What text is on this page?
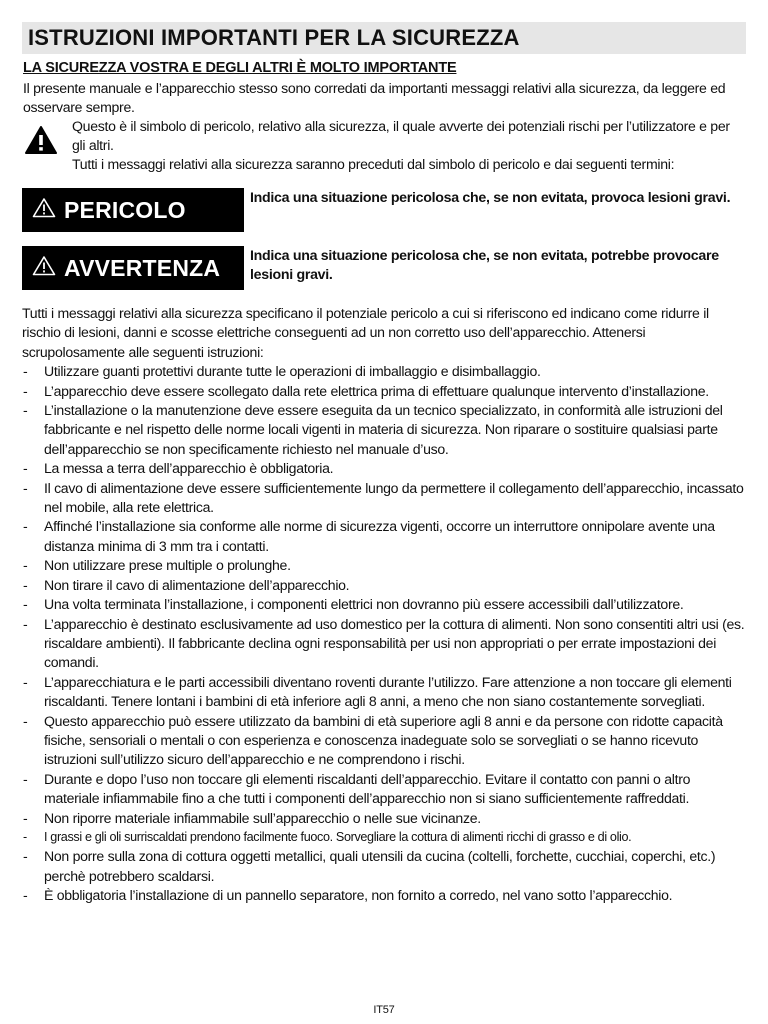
ISTRUZIONI IMPORTANTI PER LA SICUREZZA
LA SICUREZZA VOSTRA E DEGLI ALTRI È MOLTO IMPORTANTE
Il presente manuale e l’apparecchio stesso sono corredati da importanti messaggi relativi alla sicurezza, da leggere ed osservare sempre.
Questo è il simbolo di pericolo, relativo alla sicurezza, il quale avverte dei potenziali rischi per l’utilizzatore e per gli altri.
Tutti i messaggi relativi alla sicurezza saranno preceduti dal simbolo di pericolo e dai seguenti termini:
PERICOLO	Indica una situazione pericolosa che, se non evitata, provoca lesioni gravi.
AVVERTENZA Indica una situazione pericolosa che, se non evitata, potrebbe provocare lesioni gravi.
Tutti i messaggi relativi alla sicurezza specificano il potenziale pericolo a cui si riferiscono ed indicano come ridurre il rischio di lesioni, danni e scosse elettriche conseguenti ad un non corretto uso dell’apparecchio. Attenersi scrupolosamente alle seguenti istruzioni:
- Utilizzare guanti protettivi durante tutte le operazioni di imballaggio e disimballaggio.
- L’apparecchio deve essere scollegato dalla rete elettrica prima di effettuare qualunque intervento d’installazione.
- L’installazione o la manutenzione deve essere eseguita da un tecnico specializzato, in conformità alle istruzioni del fabbricante e nel rispetto delle norme locali vigenti in materia di sicurezza. Non riparare o sostituire qualsiasi parte dell’apparecchio se non specificamente richiesto nel manuale d’uso.
- La messa a terra dell’apparecchio è obbligatoria.
- Il cavo di alimentazione deve essere sufficientemente lungo da permettere il collegamento dell’apparecchio, incassato nel mobile, alla rete elettrica.
- Affinché l’installazione sia conforme alle norme di sicurezza vigenti, occorre un interruttore onnipolare avente una distanza minima di 3 mm tra i contatti.
- Non utilizzare prese multiple o prolunghe.
- Non tirare il cavo di alimentazione dell’apparecchio.
- Una volta terminata l’installazione, i componenti elettrici non dovranno più essere accessibili dall’utilizzatore.
- L’apparecchio è destinato esclusivamente ad uso domestico per la cottura di alimenti. Non sono consentiti altri usi (es. riscaldare ambienti). Il fabbricante declina ogni responsabilità per usi non appropriati o per errate impostazioni dei comandi.
- L’apparecchiatura e le parti accessibili diventano roventi durante l’utilizzo. Fare attenzione a non toccare gli elementi riscaldanti. Tenere lontani i bambini di età inferiore agli 8 anni, a meno che non siano costantemente sorvegliati.
- Questo apparecchio può essere utilizzato da bambini di età superiore agli 8 anni e da persone con ridotte capacità fisiche, sensoriali o mentali o con esperienza e conoscenza inadeguate solo se sorvegliati o se hanno ricevuto istruzioni sull’utilizzo sicuro dell’apparecchio e ne comprendono i rischi.
- Durante e dopo l’uso non toccare gli elementi riscaldanti dell’apparecchio. Evitare il contatto con panni o altro materiale infiammabile fino a che tutti i componenti dell’apparecchio non si siano sufficientemente raffreddati.
- Non riporre materiale infiammabile sull’apparecchio o nelle sue vicinanze.
- I grassi e gli oli surriscaldati prendono facilmente fuoco. Sorvegliare la cottura di alimenti ricchi di grasso e di olio.
- Non porre sulla zona di cottura oggetti metallici, quali utensili da cucina (coltelli, forchette, cucchiai, coperchi, etc.) perchè potrebbero scaldarsi.
- È obbligatoria l’installazione di un pannello separatore, non fornito a corredo, nel vano sotto l’apparecchio.
IT57
